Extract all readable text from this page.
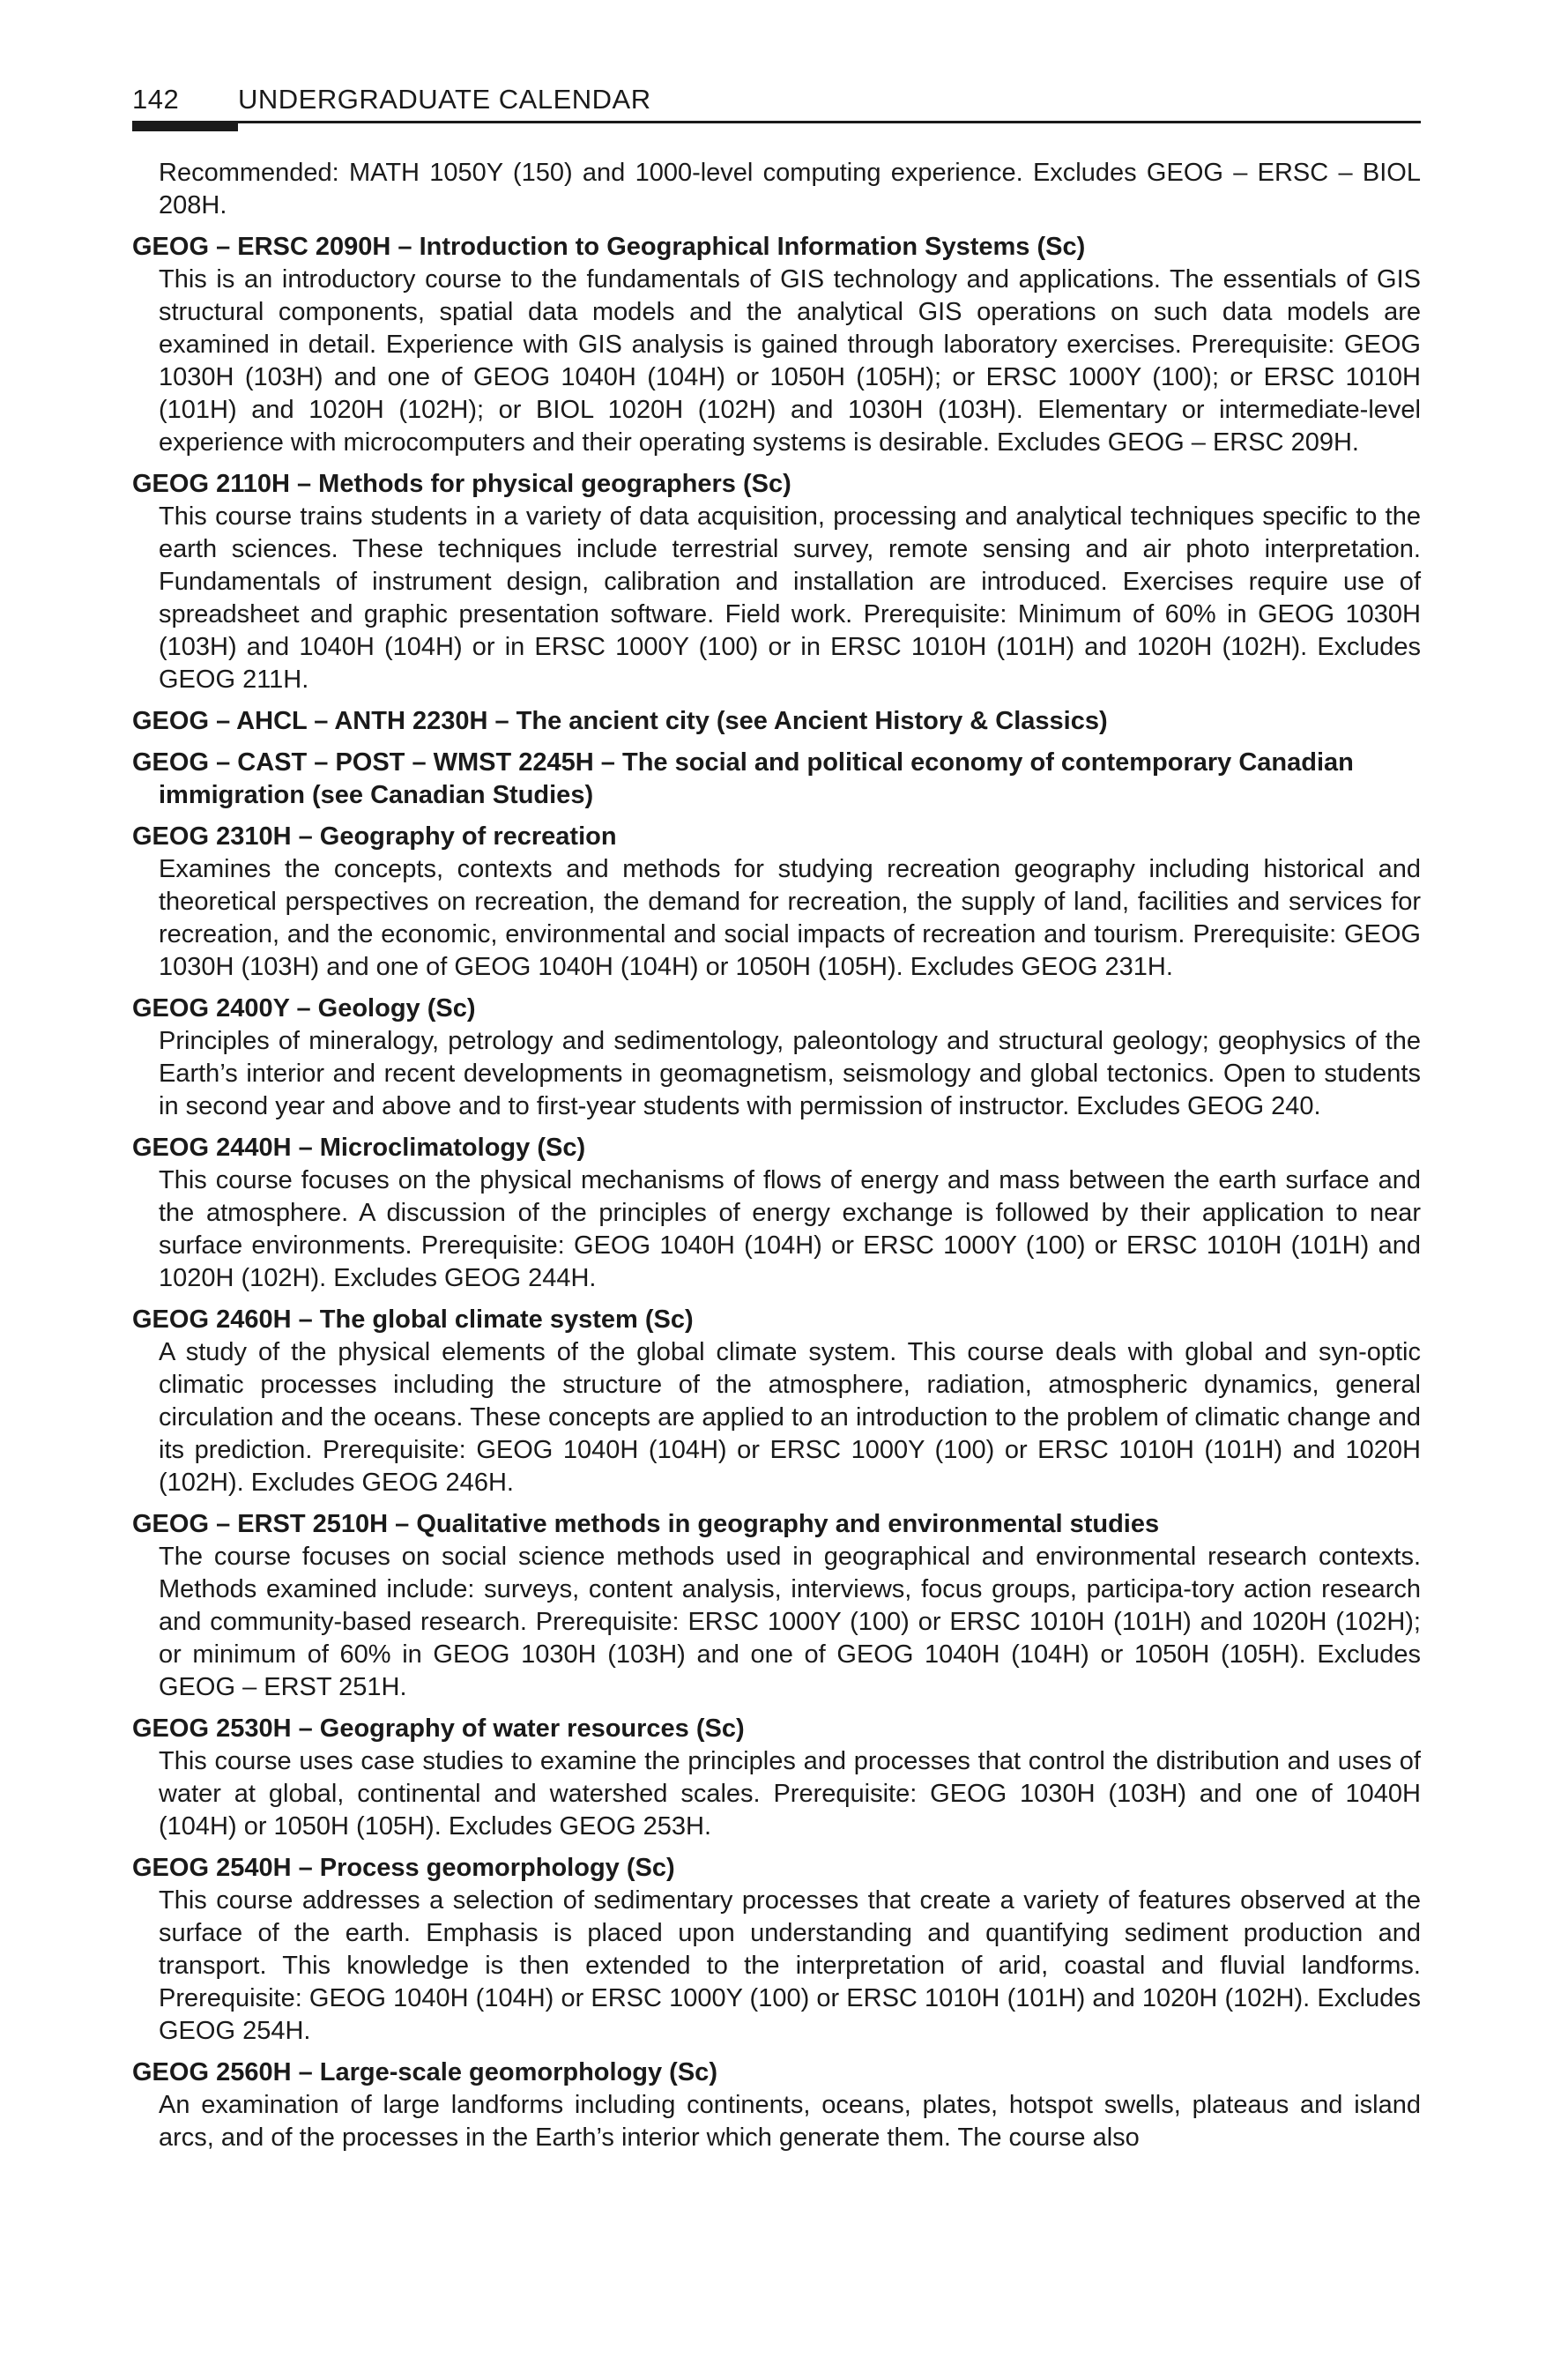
142 UNDERGRADUATE CALENDAR

Recommended: MATH 1050Y (150) and 1000-level computing experience. Excludes GEOG – ERSC – BIOL 208H.

GEOG – ERSC 2090H – Introduction to Geographical Information Systems (Sc)

This is an introductory course to the fundamentals of GIS technology and applications. The essentials of GIS structural components, spatial data models and the analytical GIS operations on such data models are examined in detail. Experience with GIS analysis is gained through laboratory exercises. Prerequisite: GEOG 1030H (103H) and one of GEOG 1040H (104H) or 1050H (105H); or ERSC 1000Y (100); or ERSC 1010H (101H) and 1020H (102H); or BIOL 1020H (102H) and 1030H (103H). Elementary or intermediate-level experience with microcomputers and their operating systems is desirable. Excludes GEOG – ERSC 209H.

GEOG 2110H – Methods for physical geographers (Sc)

This course trains students in a variety of data acquisition, processing and analytical techniques specific to the earth sciences. These techniques include terrestrial survey, remote sensing and air photo interpretation. Fundamentals of instrument design, calibration and installation are introduced. Exercises require use of spreadsheet and graphic presentation software. Field work. Prerequisite: Minimum of 60% in GEOG 1030H (103H) and 1040H (104H) or in ERSC 1000Y (100) or in ERSC 1010H (101H) and 1020H (102H). Excludes GEOG 211H.

GEOG – AHCL – ANTH 2230H – The ancient city (see Ancient History & Classics)

GEOG – CAST – POST – WMST 2245H – The social and political economy of contemporary Canadian immigration (see Canadian Studies)

GEOG 2310H – Geography of recreation

Examines the concepts, contexts and methods for studying recreation geography including historical and theoretical perspectives on recreation, the demand for recreation, the supply of land, facilities and services for recreation, and the economic, environmental and social impacts of recreation and tourism. Prerequisite: GEOG 1030H (103H) and one of GEOG 1040H (104H) or 1050H (105H). Excludes GEOG 231H.

GEOG 2400Y – Geology (Sc)

Principles of mineralogy, petrology and sedimentology, paleontology and structural geology; geophysics of the Earth’s interior and recent developments in geomagnetism, seismology and global tectonics. Open to students in second year and above and to first-year students with permission of instructor. Excludes GEOG 240.

GEOG 2440H – Microclimatology (Sc)

This course focuses on the physical mechanisms of flows of energy and mass between the earth surface and the atmosphere. A discussion of the principles of energy exchange is followed by their application to near surface environments. Prerequisite: GEOG 1040H (104H) or ERSC 1000Y (100) or ERSC 1010H (101H) and 1020H (102H). Excludes GEOG 244H.

GEOG 2460H – The global climate system (Sc)

A study of the physical elements of the global climate system. This course deals with global and syn-optic climatic processes including the structure of the atmosphere, radiation, atmospheric dynamics, general circulation and the oceans. These concepts are applied to an introduction to the problem of climatic change and its prediction. Prerequisite: GEOG 1040H (104H) or ERSC 1000Y (100) or ERSC 1010H (101H) and 1020H (102H). Excludes GEOG 246H.

GEOG – ERST 2510H – Qualitative methods in geography and environmental studies

The course focuses on social science methods used in geographical and environmental research contexts. Methods examined include: surveys, content analysis, interviews, focus groups, participa-tory action research and community-based research. Prerequisite: ERSC 1000Y (100) or ERSC 1010H (101H) and 1020H (102H); or minimum of 60% in GEOG 1030H (103H) and one of GEOG 1040H (104H) or 1050H (105H). Excludes GEOG – ERST 251H.

GEOG 2530H – Geography of water resources (Sc)

This course uses case studies to examine the principles and processes that control the distribution and uses of water at global, continental and watershed scales. Prerequisite: GEOG 1030H (103H) and one of 1040H (104H) or 1050H (105H). Excludes GEOG 253H.

GEOG 2540H – Process geomorphology (Sc)

This course addresses a selection of sedimentary processes that create a variety of features observed at the surface of the earth. Emphasis is placed upon understanding and quantifying sediment production and transport. This knowledge is then extended to the interpretation of arid, coastal and fluvial landforms. Prerequisite: GEOG 1040H (104H) or ERSC 1000Y (100) or ERSC 1010H (101H) and 1020H (102H). Excludes GEOG 254H.

GEOG 2560H – Large-scale geomorphology (Sc)

An examination of large landforms including continents, oceans, plates, hotspot swells, plateaus and island arcs, and of the processes in the Earth’s interior which generate them. The course also
